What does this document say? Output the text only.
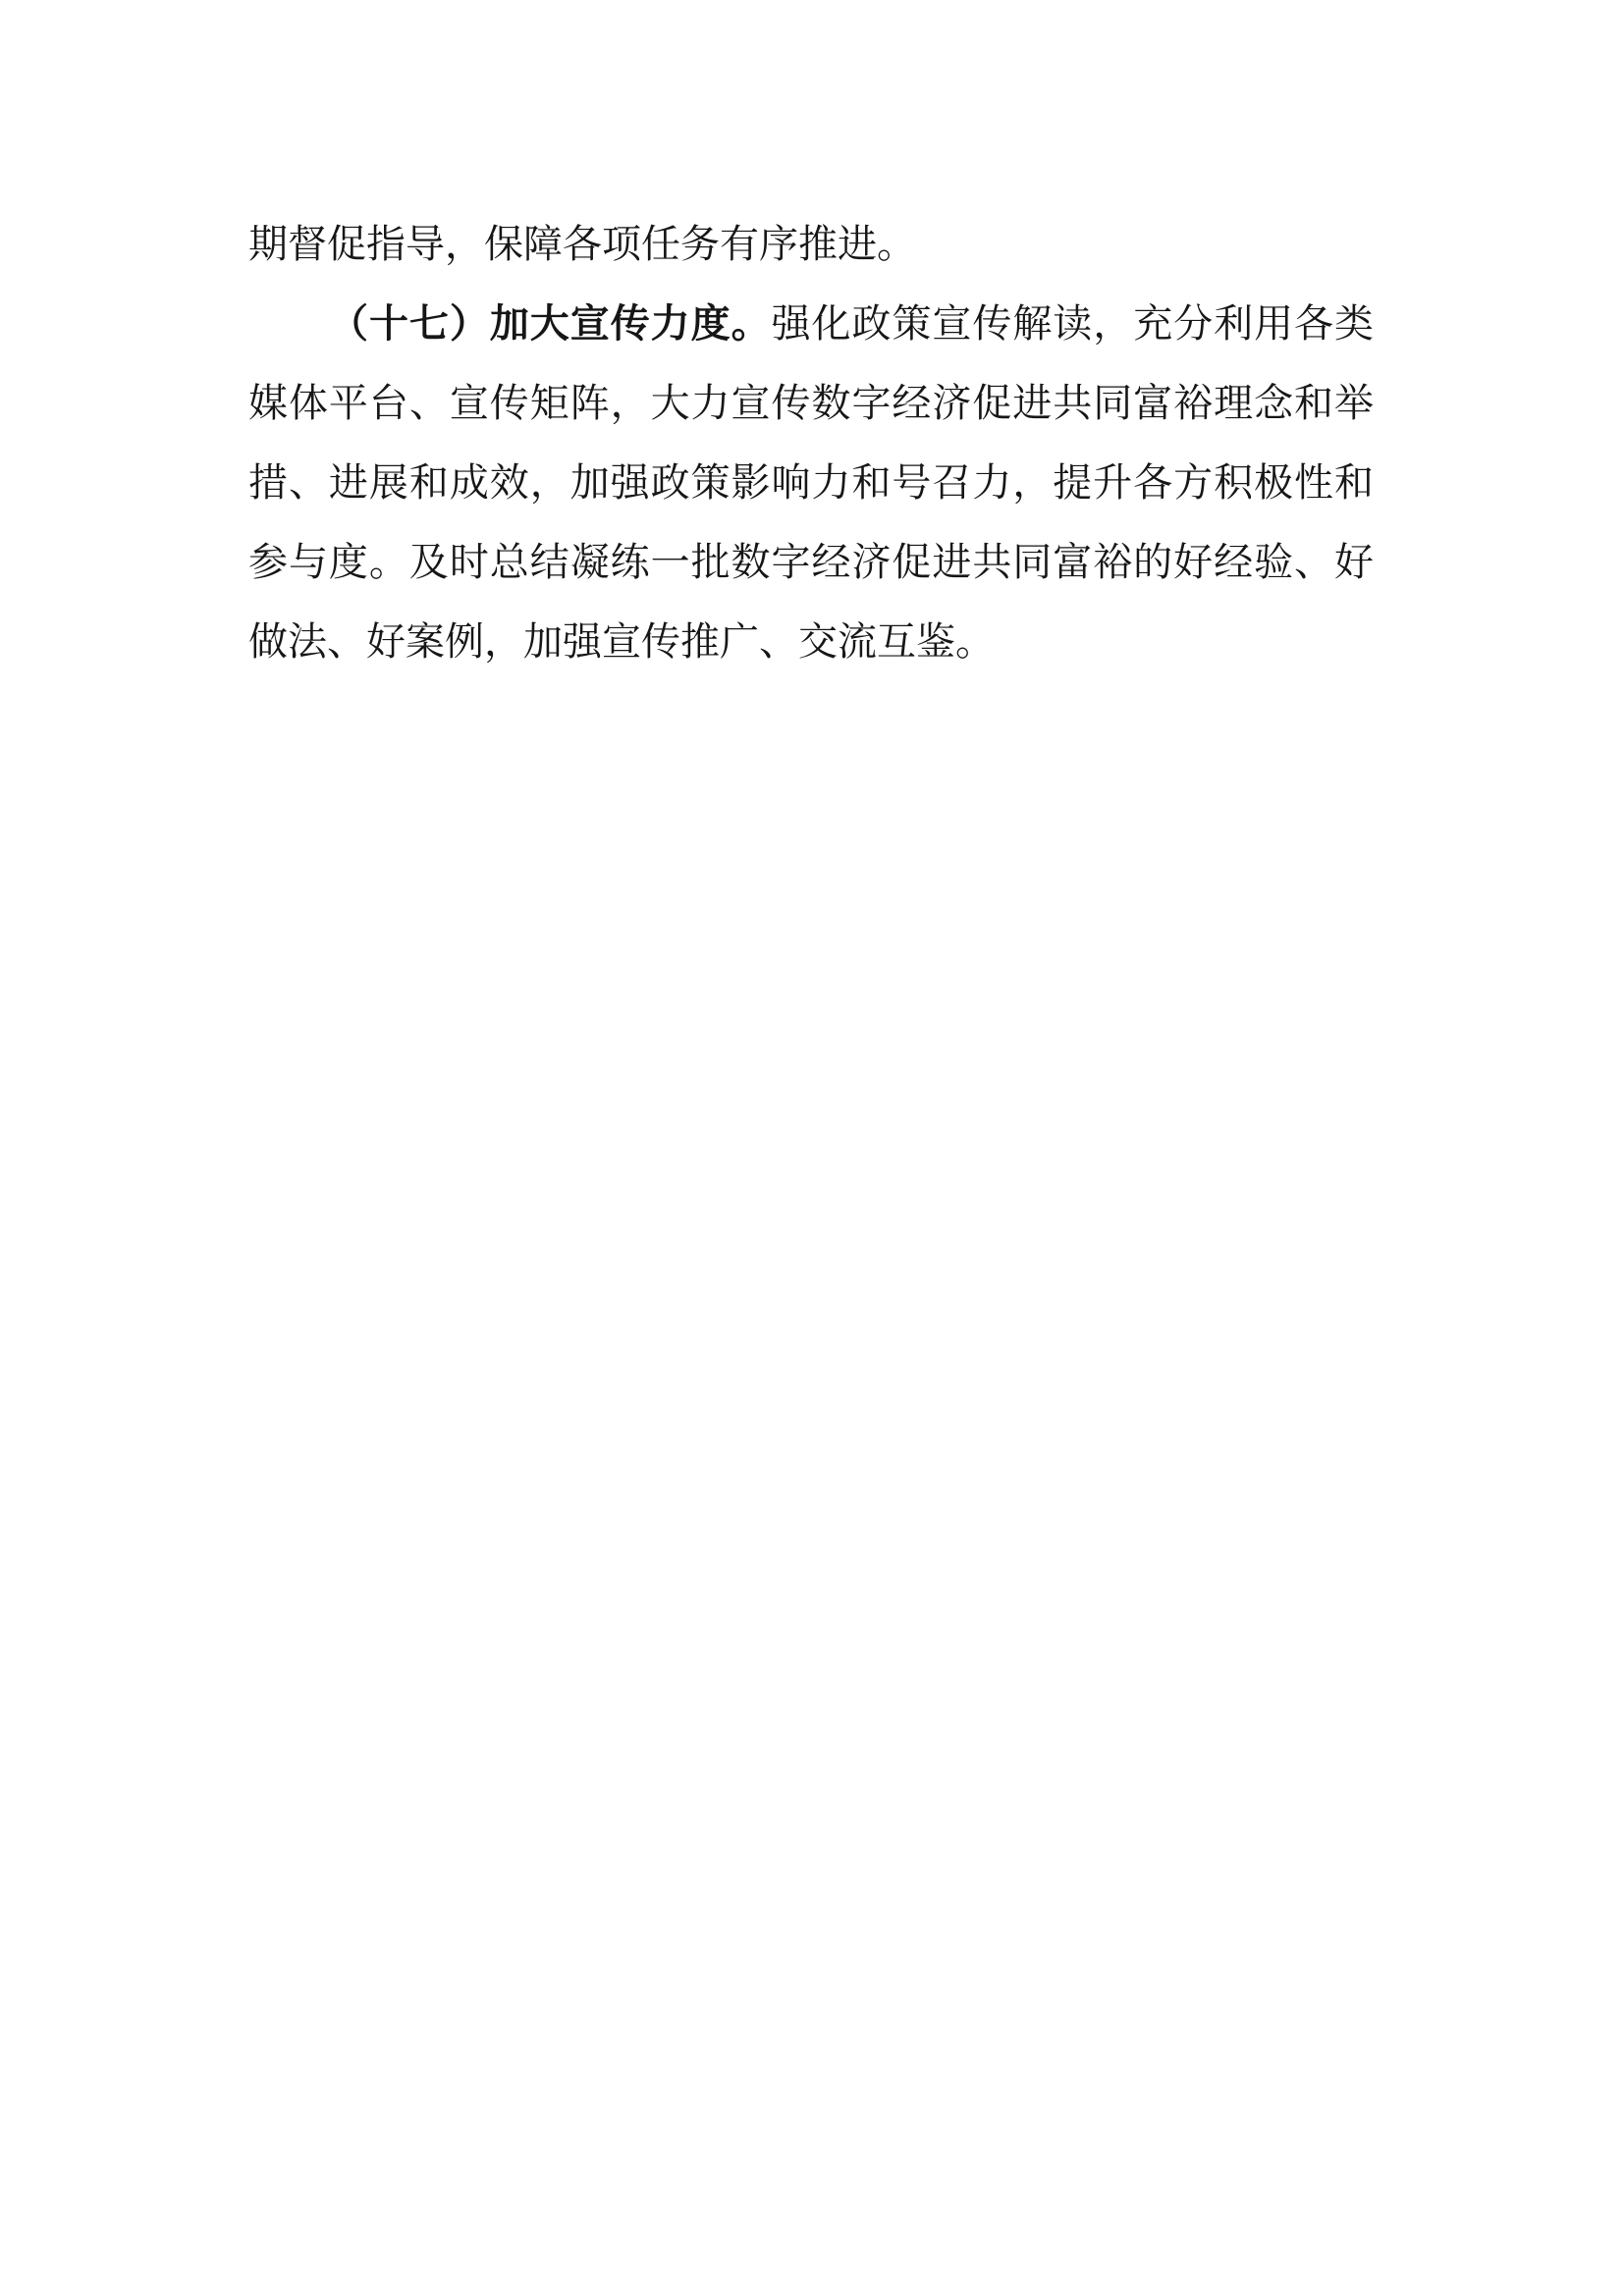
期督促指导，保障各项任务有序推进。
（十七）加大宣传力度。强化政策宣传解读，充分利用各类
媒体平台、宣传矩阵，大力宣传数字经济促进共同富裕理念和举
措、进展和成效，加强政策影响力和号召力，提升各方积极性和
参与度。及时总结凝练一批数字经济促进共同富裕的好经验、好
做法、好案例，加强宣传推广、交流互鉴。
